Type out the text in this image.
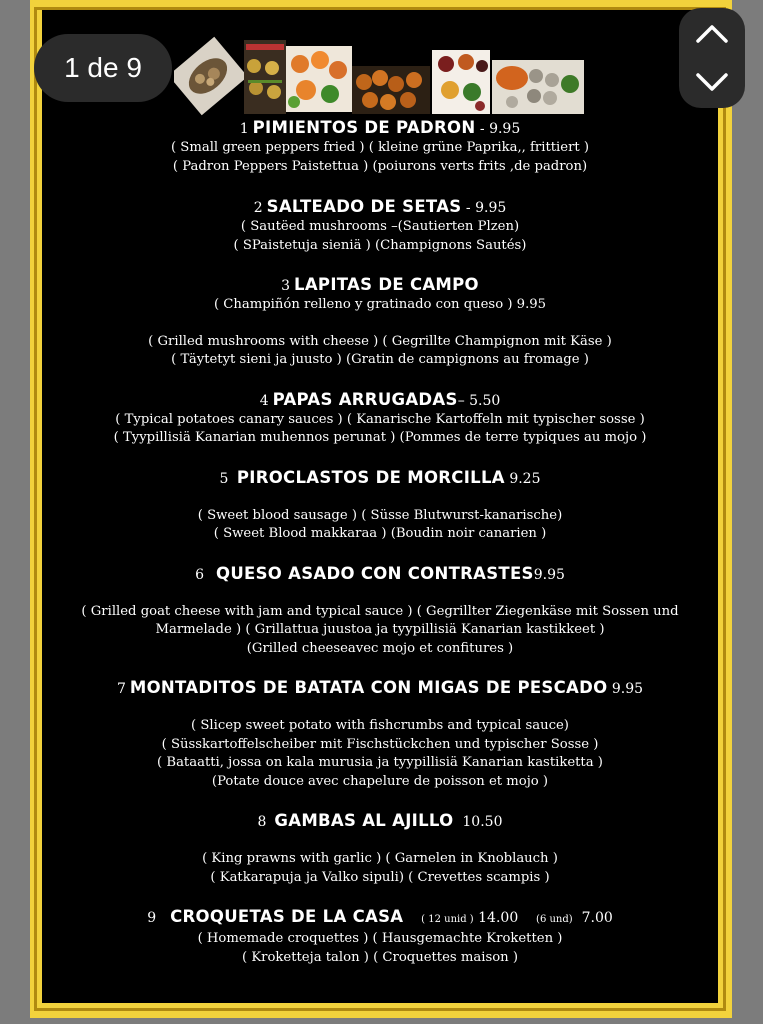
1 de 9
1 PIMIENTOS DE PADRON - 9.95
( Small green peppers fried ) ( kleine grüne Paprika,, frittiert )
( Padron Peppers Paistettua ) (poiurons verts frits ,de padron)
2 SALTEADO DE SETAS - 9.95
( Sautëed mushrooms –(Sautierten Plzen)
( SPaistetuja sieniä ) (Champignons Sautés)
3 LAPITAS DE CAMPO
( Champiñón relleno y gratinado con queso ) 9.95
( Grilled mushrooms with cheese ) ( Gegrillte Champignon mit Käse )
( Täytetyt sieni ja juusto ) (Gratin de campignons au fromage )
4 PAPAS ARRUGADAS– 5.50
( Typical potatoes canary sauces ) ( Kanarische Kartoffeln mit typischer sosse )
( Tyypillisiä Kanarian muhennos perunat ) (Pommes de terre typiques au mojo )
5 PIROCLASTOS DE MORCILLA 9.25
( Sweet blood sausage ) ( Süsse Blutwurst-kanarische)
( Sweet Blood makkaraa ) (Boudin noir canarien )
6 QUESO ASADO CON CONTRASTES9.95
( Grilled goat cheese with jam and typical sauce ) ( Gegrillter Ziegenkäse mit Sossen und
Marmelade ) ( Grillattua juustoa ja tyypillisiä Kanarian kastikkeet )
(Grilled cheeseavec mojo et confitures )
7 MONTADITOS DE BATATA CON MIGAS DE PESCADO 9.95
( Slicep sweet potato with fishcrumbs and typical sauce)
( Süsskartoffelscheiber mit Fischstückchen und typischer Sosse )
( Bataatti, jossa on kala murusia ja tyypillisiä Kanarian kastiketta )
(Potate douce avec chapelure de poisson et mojo )
8 GAMBAS AL AJILLO 10.50
( King prawns with garlic ) ( Garnelen in Knoblauch )
( Katkarapuja ja Valko sipuli) ( Crevettes scampis )
9 CROQUETAS DE LA CASA ( 12 unid ) 14.00 (6 und) 7.00
( Homemade croquettes ) ( Hausgemachte Kroketten )
( Kroketteja talon ) ( Croquettes maison )
